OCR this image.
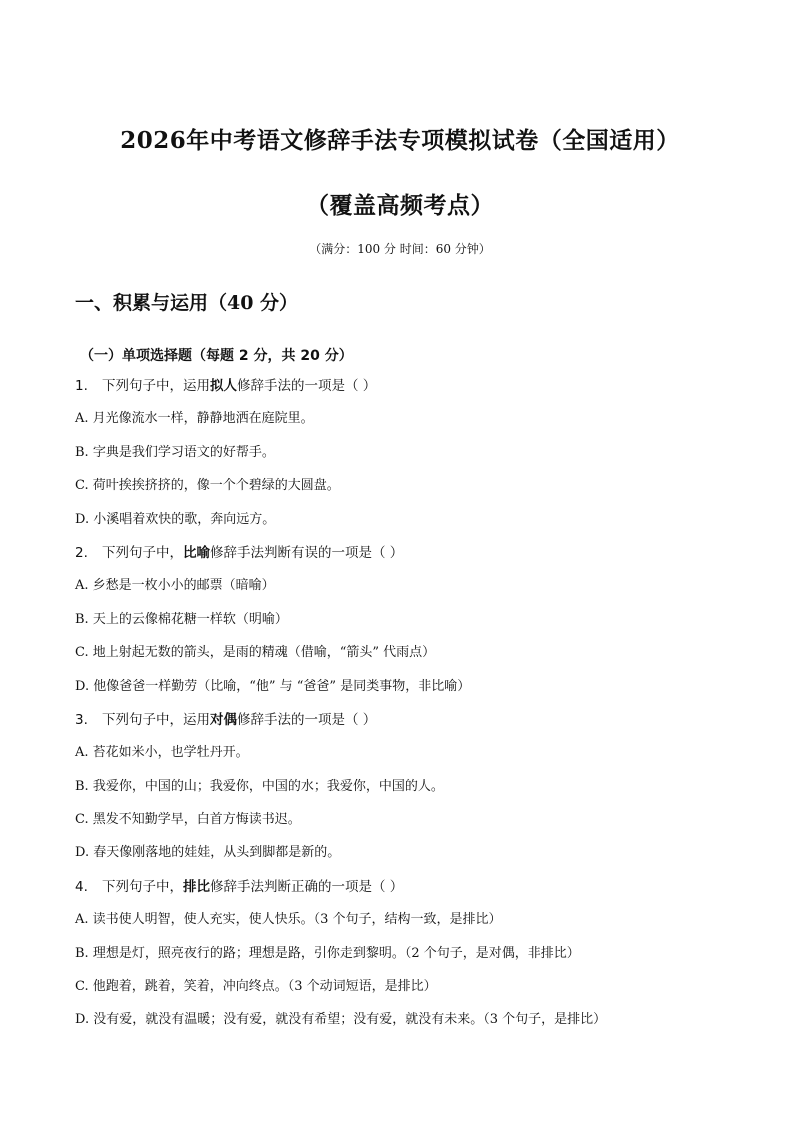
2026年中考语文修辞手法专项模拟试卷（全国适用）
（覆盖高频考点）
（满分：100 分 时间：60 分钟）
一、积累与运用（40 分）
（一）单项选择题（每题 2 分，共 20 分）
1. 下列句子中，运用拟人修辞手法的一项是（ ）
A. 月光像流水一样，静静地洒在庭院里。
B. 字典是我们学习语文的好帮手。
C. 荷叶挨挨挤挤的，像一个个碧绿的大圆盘。
D. 小溪唱着欢快的歌，奔向远方。
2. 下列句子中，比喻修辞手法判断有误的一项是（ ）
A. 乡愁是一枚小小的邮票（暗喻）
B. 天上的云像棉花糖一样软（明喻）
C. 地上射起无数的箭头，是雨的精魂（借喻，“箭头” 代雨点）
D. 他像爸爸一样勤劳（比喻，“他” 与 “爸爸” 是同类事物，非比喻）
3. 下列句子中，运用对偶修辞手法的一项是（ ）
A. 苔花如米小，也学牡丹开。
B. 我爱你，中国的山；我爱你，中国的水；我爱你，中国的人。
C. 黑发不知勤学早，白首方悔读书迟。
D. 春天像刚落地的娃娃，从头到脚都是新的。
4. 下列句子中，排比修辞手法判断正确的一项是（ ）
A. 读书使人明智，使人充实，使人快乐。（3 个句子，结构一致，是排比）
B. 理想是灯，照亮夜行的路；理想是路，引你走到黎明。（2 个句子，是对偶，非排比）
C. 他跑着，跳着，笑着，冲向终点。（3 个动词短语，是排比）
D. 没有爱，就没有温暖；没有爱，就没有希望；没有爱，就没有未来。（3 个句子，是排比）
